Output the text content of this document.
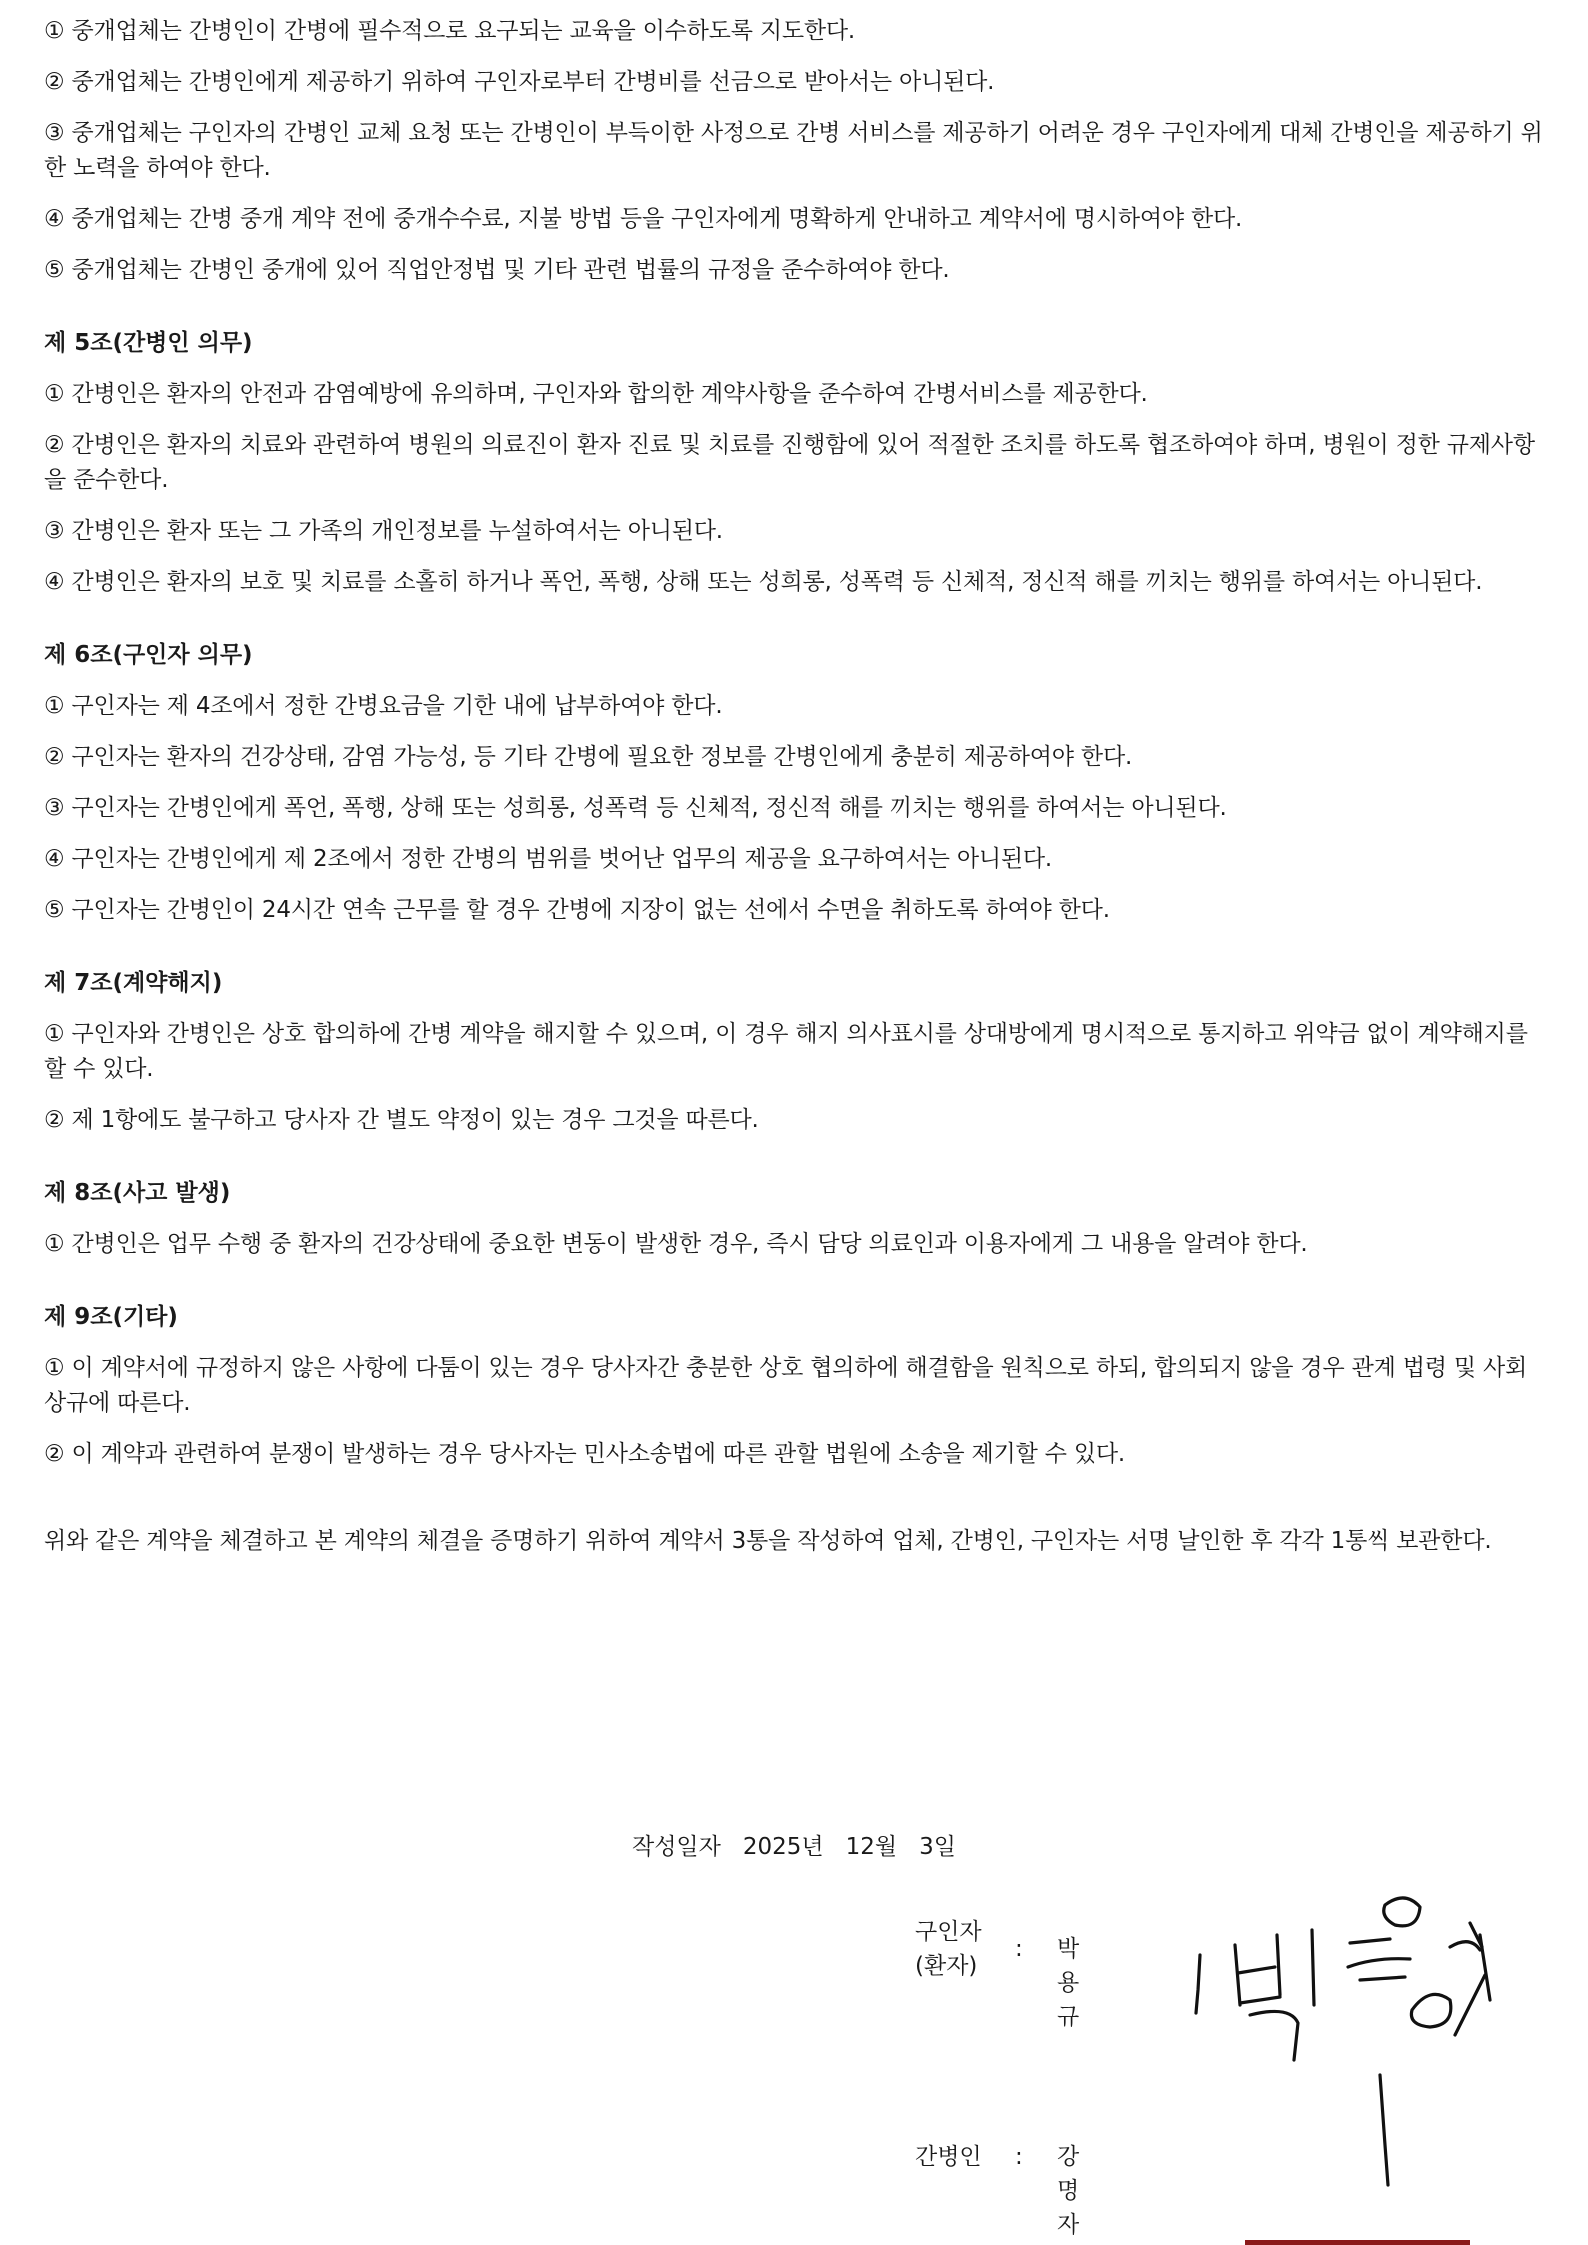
① 중개업체는 간병인이 간병에 필수적으로 요구되는 교육을 이수하도록 지도한다.

② 중개업체는 간병인에게 제공하기 위하여 구인자로부터 간병비를 선금으로 받아서는 아니된다.

③ 중개업체는 구인자의 간병인 교체 요청 또는 간병인이 부득이한 사정으로 간병 서비스를 제공하기 어려운 경우 구인자에게 대체 간병인을 제공하기 위한 노력을 하여야 한다.

④ 중개업체는 간병 중개 계약 전에 중개수수료, 지불 방법 등을 구인자에게 명확하게 안내하고 계약서에 명시하여야 한다.

⑤ 중개업체는 간병인 중개에 있어 직업안정법 및 기타 관련 법률의 규정을 준수하여야 한다.

제 5조(간병인 의무)

① 간병인은 환자의 안전과 감염예방에 유의하며, 구인자와 합의한 계약사항을 준수하여 간병서비스를 제공한다.

② 간병인은 환자의 치료와 관련하여 병원의 의료진이 환자 진료 및 치료를 진행함에 있어 적절한 조치를 하도록 협조하여야 하며, 병원이 정한 규제사항을 준수한다.

③ 간병인은 환자 또는 그 가족의 개인정보를 누설하여서는 아니된다.

④ 간병인은 환자의 보호 및 치료를 소홀히 하거나 폭언, 폭행, 상해 또는 성희롱, 성폭력 등 신체적, 정신적 해를 끼치는 행위를 하여서는 아니된다.

제 6조(구인자 의무)

① 구인자는 제 4조에서 정한 간병요금을 기한 내에 납부하여야 한다.

② 구인자는 환자의 건강상태, 감염 가능성, 등 기타 간병에 필요한 정보를 간병인에게 충분히 제공하여야 한다.

③ 구인자는 간병인에게 폭언, 폭행, 상해 또는 성희롱, 성폭력 등 신체적, 정신적 해를 끼치는 행위를 하여서는 아니된다.

④ 구인자는 간병인에게 제 2조에서 정한 간병의 범위를 벗어난 업무의 제공을 요구하여서는 아니된다.

⑤ 구인자는 간병인이 24시간 연속 근무를 할 경우 간병에 지장이 없는 선에서 수면을 취하도록 하여야 한다.

제 7조(계약해지)

① 구인자와 간병인은 상호 합의하에 간병 계약을 해지할 수 있으며, 이 경우 해지 의사표시를 상대방에게 명시적으로 통지하고 위약금 없이 계약해지를 할 수 있다.

② 제 1항에도 불구하고 당사자 간 별도 약정이 있는 경우 그것을 따른다.

제 8조(사고 발생)

① 간병인은 업무 수행 중 환자의 건강상태에 중요한 변동이 발생한 경우, 즉시 담당 의료인과 이용자에게 그 내용을 알려야 한다.

제 9조(기타)

① 이 계약서에 규정하지 않은 사항에 다툼이 있는 경우 당사자간 충분한 상호 협의하에 해결함을 원칙으로 하되, 합의되지 않을 경우 관계 법령 및 사회상규에 따른다.

② 이 계약과 관련하여 분쟁이 발생하는 경우 당사자는 민사소송법에 따른 관할 법원에 소송을 제기할 수 있다.

위와 같은 계약을 체결하고 본 계약의 체결을 증명하기 위하여 계약서 3통을 작성하여 업체, 간병인, 구인자는 서명 날인한 후 각각 1통씩 보관한다.

작성일자 2025년 12월 3일
구인자
(환자)
: 박용규
간병인	: 강명자
